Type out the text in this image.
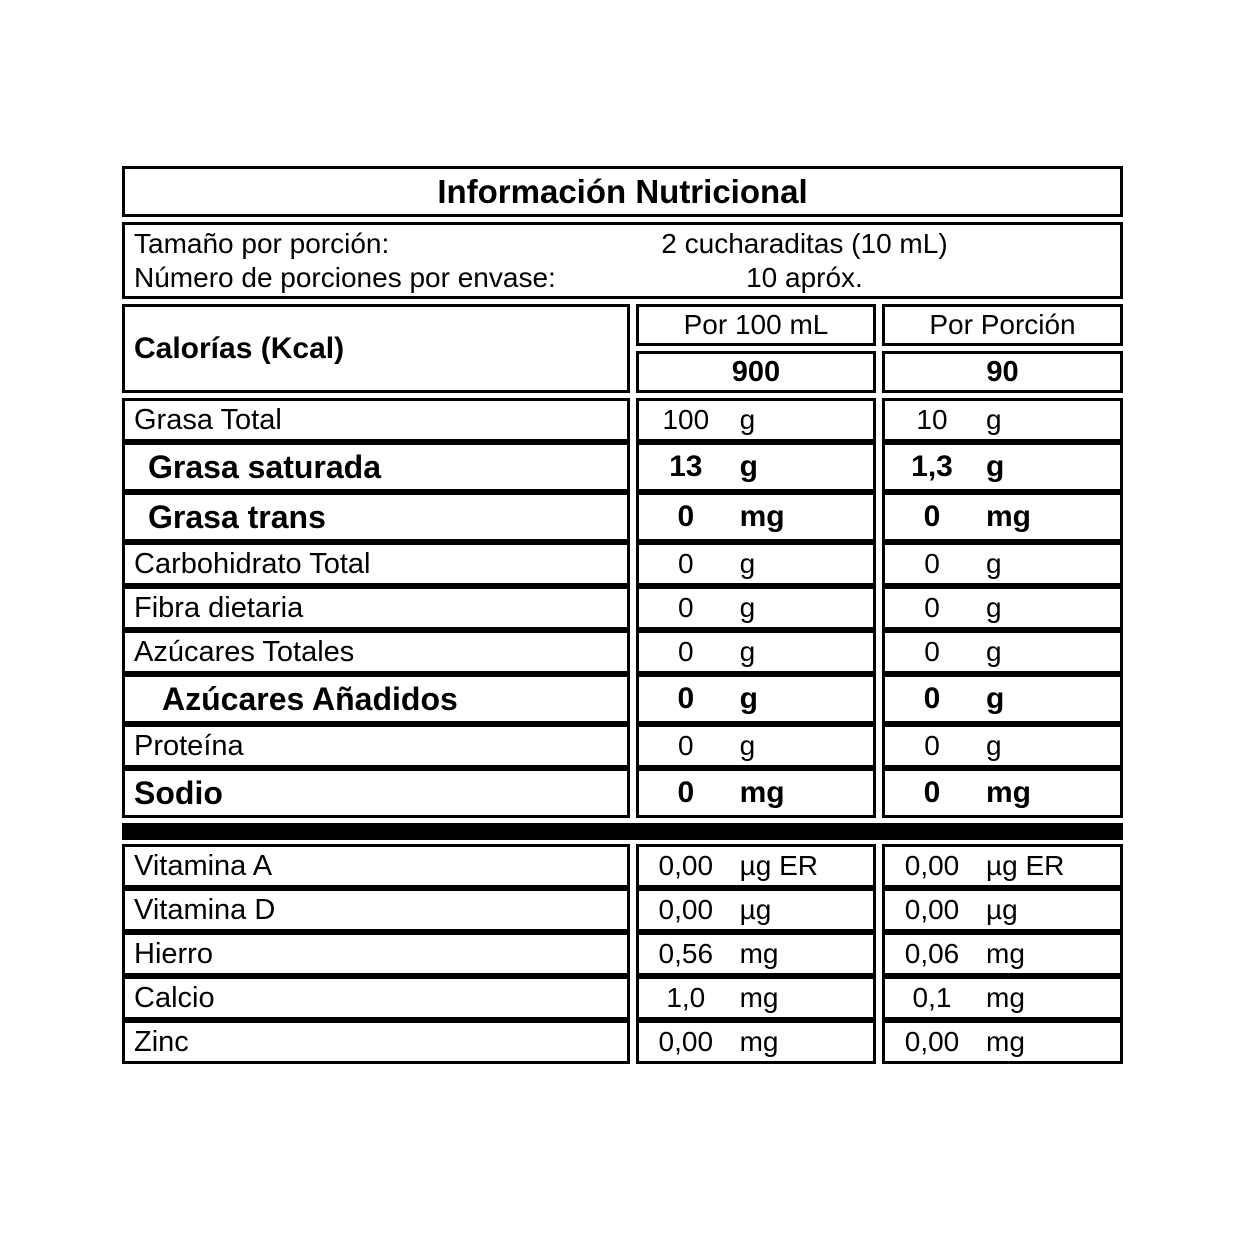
Información Nutricional
Tamaño por porción:	2 cucharaditas (10 mL)
Número de porciones por envase:	10 apróx.
Calorías (Kcal)
Por 100 mL	Por Porción
900	90
Grasa Total	100	g	10	g
Grasa saturada	13	g	1,3	g
Grasa trans	0	mg	0	mg
Carbohidrato Total	0	g	0	g
Fibra dietaria	0	g	0	g
Azúcares Totales	0	g	0	g
Azúcares Añadidos	0	g	0	g
Proteína	0	g	0	g
Sodio	0	mg	0	mg
Vitamina A	0,00 µg ER	0,00 µg ER
Vitamina D	0,00 µg	0,00 µg
Hierro	0,56 mg	0,06 mg
Calcio	1,0	mg	0,1	mg
Zinc	0,00 mg	0,00 mg
